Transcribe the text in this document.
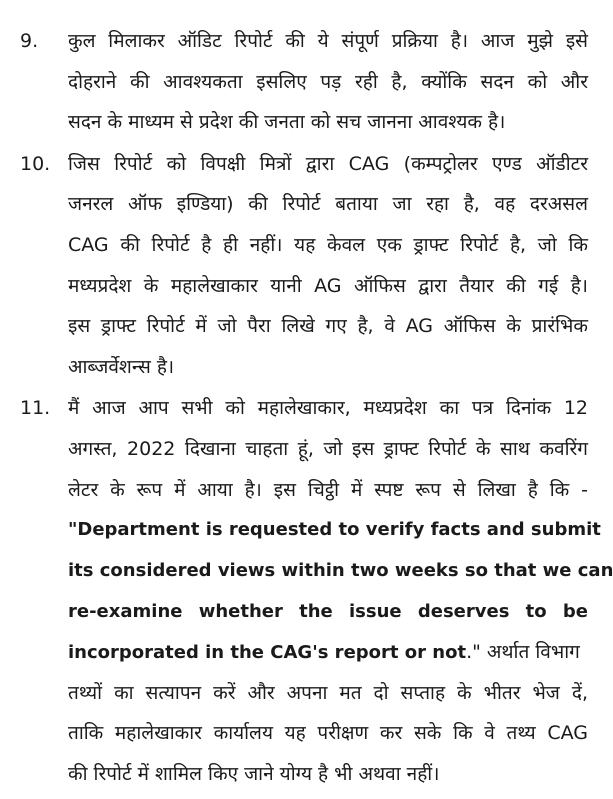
9. कुल मिलाकर ऑडिट रिपोर्ट की ये संपूर्ण प्रक्रिया है। आज मुझे इसे
दोहराने की आवश्यकता इसलिए पड़ रही है, क्योंकि सदन को और
सदन के माध्यम से प्रदेश की जनता को सच जानना आवश्यक है।
10. जिस रिपोर्ट को विपक्षी मित्रों द्वारा CAG (कम्पट्रोलर एण्ड ऑडीटर
जनरल ऑफ इण्डिया) की रिपोर्ट बताया जा रहा है, वह दरअसल
CAG की रिपोर्ट है ही नहीं। यह केवल एक ड्राफ्ट रिपोर्ट है, जो कि
मध्यप्रदेश के महालेखाकार यानी AG ऑफिस द्वारा तैयार की गई है।
इस ड्राफ्ट रिपोर्ट में जो पैरा लिखे गए है, वे AG ऑफिस के प्रारंभिक
आब्जर्वेशन्स है।
11. मैं आज आप सभी को महालेखाकार, मध्यप्रदेश का पत्र दिनांक 12
अगस्त, 2022 दिखाना चाहता हूं, जो इस ड्राफ्ट रिपोर्ट के साथ कवरिंग
लेटर के रूप में आया है। इस चिट्ठी में स्पष्ट रूप से लिखा है कि -
"Department is requested to verify facts and submit
its considered views within two weeks so that we can
re-examine whether the issue deserves to be
incorporated in the CAG's report or not." अर्थात विभाग
तथ्यों का सत्यापन करें और अपना मत दो सप्ताह के भीतर भेज दें,
ताकि महालेखाकार कार्यालय यह परीक्षण कर सके कि वे तथ्य CAG
की रिपोर्ट में शामिल किए जाने योग्य है भी अथवा नहीं।
